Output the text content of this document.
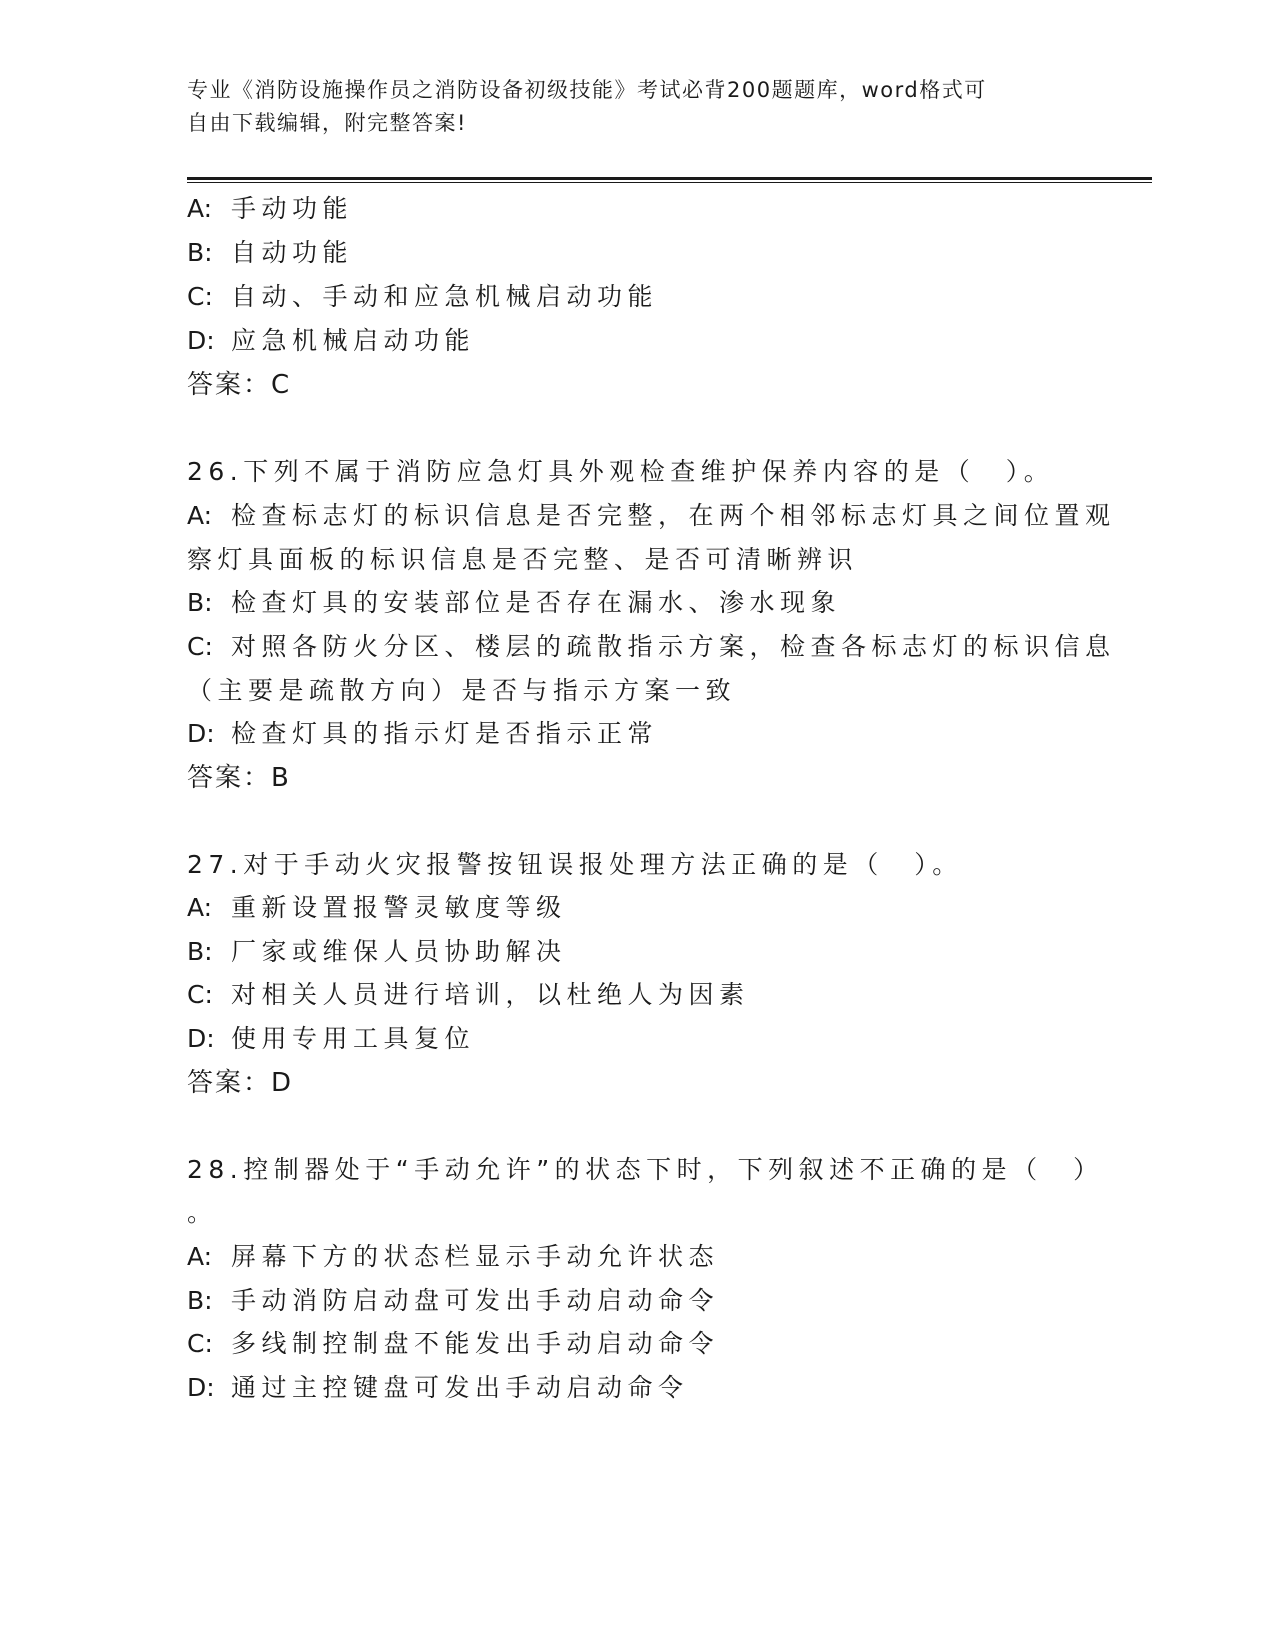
专业《消防设施操作员之消防设备初级技能》考试必背200题题库，word格式可
自由下载编辑，附完整答案!
A: 手动功能
B: 自动功能
C: 自动、手动和应急机械启动功能
D: 应急机械启动功能
答案：C
26.下列不属于消防应急灯具外观检查维护保养内容的是（　）。
A: 检查标志灯的标识信息是否完整，在两个相邻标志灯具之间位置观
察灯具面板的标识信息是否完整、是否可清晰辨识
B: 检查灯具的安装部位是否存在漏水、渗水现象
C: 对照各防火分区、楼层的疏散指示方案，检查各标志灯的标识信息
（主要是疏散方向）是否与指示方案一致
D: 检查灯具的指示灯是否指示正常
答案：B
27.对于手动火灾报警按钮误报处理方法正确的是（　）。
A: 重新设置报警灵敏度等级
B: 厂家或维保人员协助解决
C: 对相关人员进行培训，以杜绝人为因素
D: 使用专用工具复位
答案：D
28.控制器处于“手动允许”的状态下时，下列叙述不正确的是（　）
。
A: 屏幕下方的状态栏显示手动允许状态
B: 手动消防启动盘可发出手动启动命令
C: 多线制控制盘不能发出手动启动命令
D: 通过主控键盘可发出手动启动命令
